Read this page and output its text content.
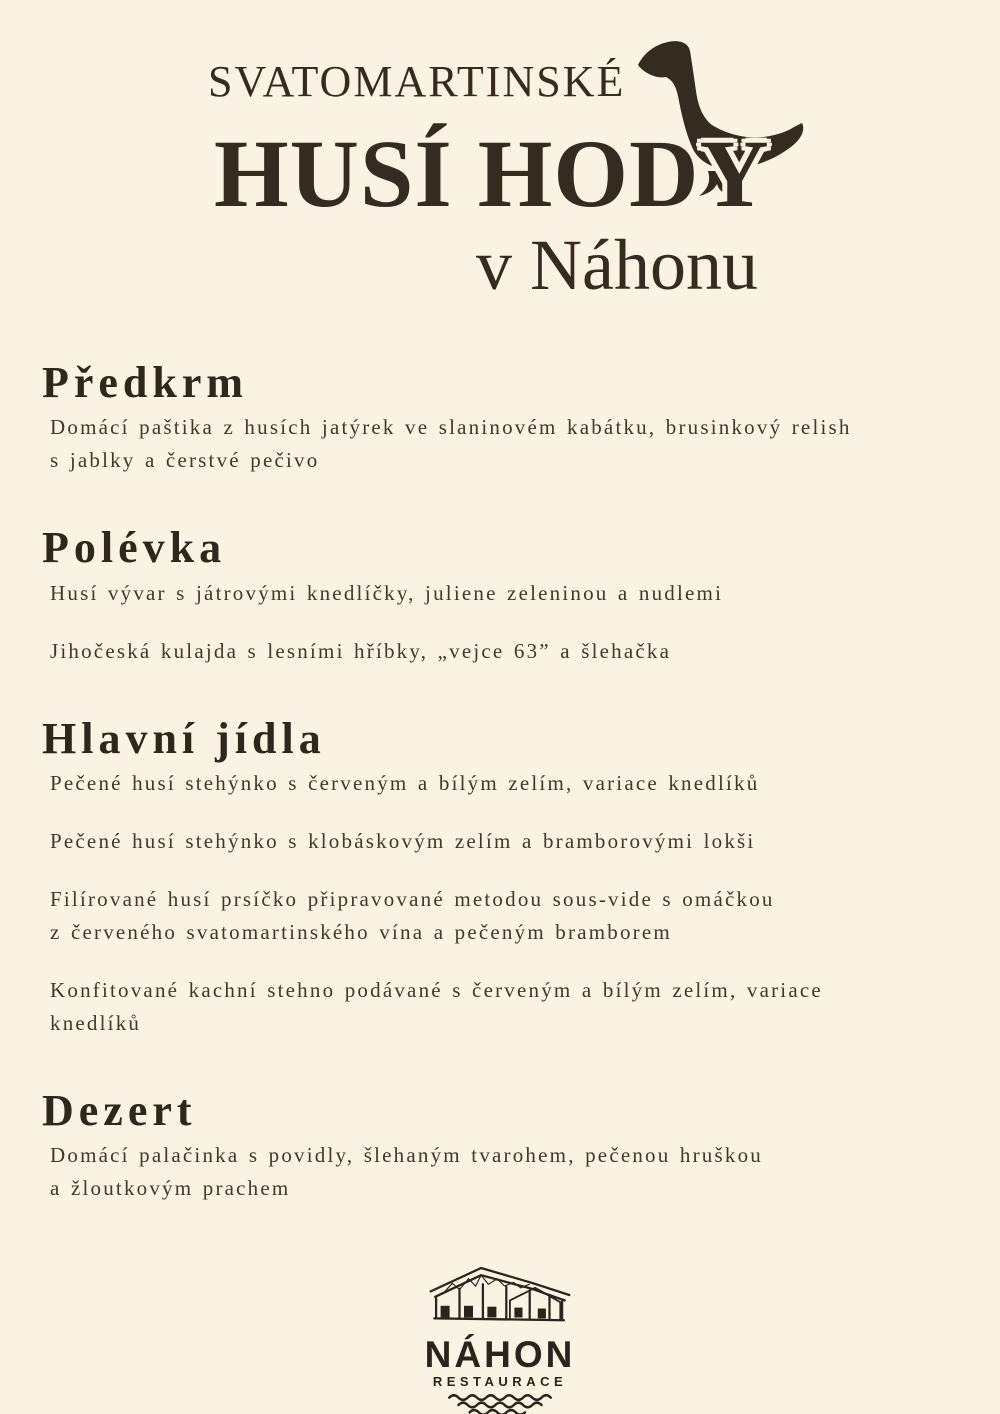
SVATOMARTINSKÉ
HUSÍ HODY
v Náhonu
Předkrm
Domácí paštika z husích jatýrek ve slaninovém kabátku, brusinkový relish
s jablky a čerstvé pečivo
Polévka
Husí vývar s játrovými knedlíčky, juliene zeleninou a nudlemi
Jihočeská kulajda s lesními hříbky, „vejce 63” a šlehačka
Hlavní jídla
Pečené husí stehýnko s červeným a bílým zelím, variace knedlíků
Pečené husí stehýnko s klobáskovým zelím a bramborovými lokši
Filírované husí prsíčko připravované metodou sous-vide s omáčkou
z červeného svatomartinského vína a pečeným bramborem
Konfitované kachní stehno podávané s červeným a bílým zelím, variace
knedlíků
Dezert
Domácí palačinka s povidly, šlehaným tvarohem, pečenou hruškou
a žloutkovým prachem
NÁHON
RESTAURACE
